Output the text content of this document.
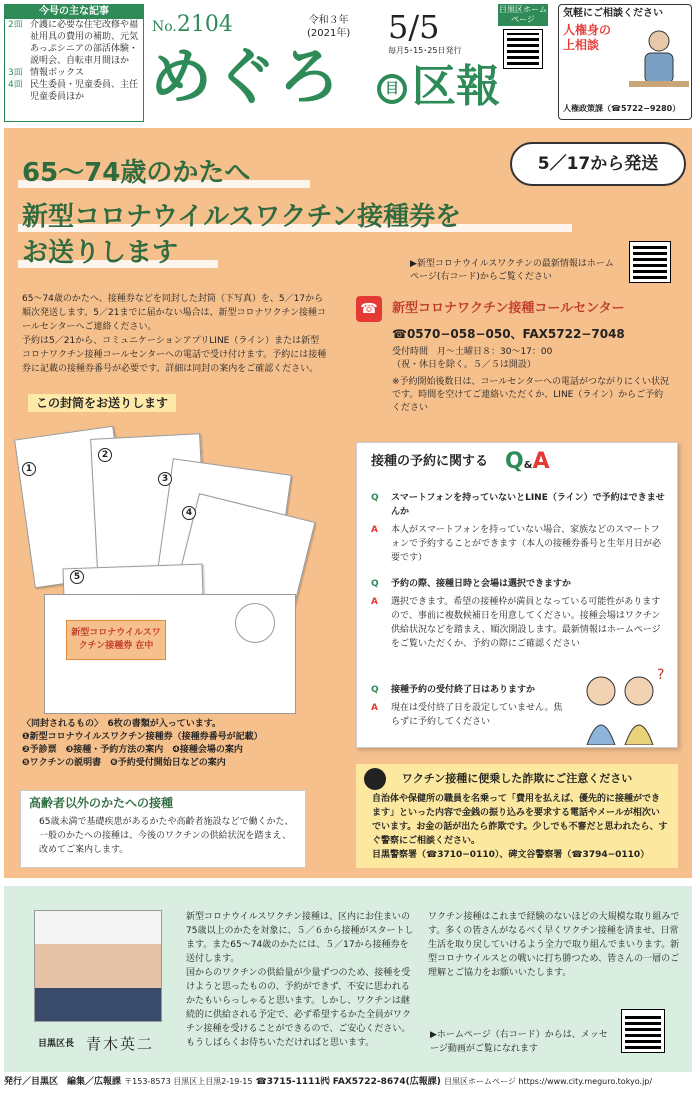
今号の主な記事
2面 介護に必要な住宅改修や福祉用具の費用の補助、元気あっぷシニアの部活体験・説明会、自転車月間ほか
3面 情報ボックス
4面 民生委員・児童委員、主任児童委員ほか
No.2104	令和３年
(2021年) 5/5
毎月5･15･25日発行
めぐろ	目 区報
目黒区ホームページ
気軽にご相談ください
人権身の上相談
人権政策課（☎5722−9280）
65〜74歳のかたへ
新型コロナウイルスワクチン接種券を
お送りします
5／17から発送
▶新型コロナウイルスワクチンの最新情報はホームページ(右コード)からご覧ください
65〜74歳のかたへ、接種券などを同封した封筒（下写真）を、5／17から順次発送します。5／21までに届かない場合は、新型コロナワクチン接種コールセンターへご連絡ください。
予約は5／21から、コミュニケーションアプリLINE（ライン）または新型コロナワクチン接種コールセンターへの電話で受け付けます。予約には接種券に記載の接種券番号が必要です。詳細は同封の案内をご確認ください。
この封筒をお送りします
1
2
3
4
5
新型コロナウイルスワクチン接種券 在中
〈同封されるもの〉　6枚の書類が入っています。
❶新型コロナウイルスワクチン接種券（接種券番号が記載）
❷予診票　❸接種・予約方法の案内　❹接種会場の案内
❺ワクチンの説明書　❻予約受付開始日などの案内
高齢者以外のかたへの接種
65歳未満で基礎疾患があるかたや高齢者施設などで働くかた、一般のかたへの接種は、今後のワクチンの供給状況を踏まえ、改めてご案内します。
☎	新型コロナワクチン接種コールセンター
☎0570−058−050、FAX5722−7048
受付時間　月〜土曜日８：30〜17：00
（祝・休日を除く。５／５は開設）
※予約開始後数日は、コールセンターへの電話がつながりにくい状況です。時間を空けてご連絡いただくか、LINE（ライン）からご予約ください
接種の予約に関する Q&A
Q スマートフォンを持っていないとLINE（ライン）で予約はできませんか
A 本人がスマートフォンを持っていない場合、家族などのスマートフォンで予約することができます（本人の接種券番号と生年月日が必要です）
Q 予約の際、接種日時と会場は選択できますか
A 選択できます。希望の接種枠が満員となっている可能性がありますので、事前に複数候補日を用意してください。接種会場はワクチン供給状況などを踏まえ、順次開設します。最新情報はホームページをご覧いただくか、予約の際にご確認ください
Q 接種予約の受付終了日はありますか
A 現在は受付終了日を設定していません。焦らずに予約してください
?
ワクチン接種に便乗した詐欺にご注意ください
自治体や保健所の職員を名乗って「費用を払えば、優先的に接種ができます」といった内容で金銭の振り込みを要求する電話やメールが相次いでいます。お金の話が出たら詐欺です。少しでも不審だと思われたら、すぐ警察にご相談ください。
目黒警察署（☎3710−0110）、碑文谷警察署（☎3794−0110）
目黒区長 青木英二
新型コロナウイルスワクチン接種は、区内にお住まいの75歳以上のかたを対象に、５／６から接種がスタートします。また65〜74歳のかたには、５／17から接種券を送付します。
国からのワクチンの供給量が少量ずつのため、接種を受けようと思ったものの、予約ができず、不安に思われるかたもいらっしゃると思います。しかし、ワクチンは継続的に供給される予定で、必ず希望するかた全員がワクチン接種を受けることができるので、ご安心ください。もうしばらくお待ちいただければと思います。
ワクチン接種はこれまで経験のないほどの大規模な取り組みです。多くの皆さんがなるべく早くワクチン接種を済ませ、日常生活を取り戻していけるよう全力で取り組んでまいります。新型コロナウイルスとの戦いに打ち勝つため、皆さんの一層のご理解とご協力をお願いいたします。
▶ホームページ（右コード）からは、メッセージ動画がご覧になれます
発行／目黒区　編集／広報課 〒153-8573 目黒区上目黒2-19-15 ☎3715-1111㈹ FAX5722-8674(広報課) 目黒区ホームページ https://www.city.meguro.tokyo.jp/
